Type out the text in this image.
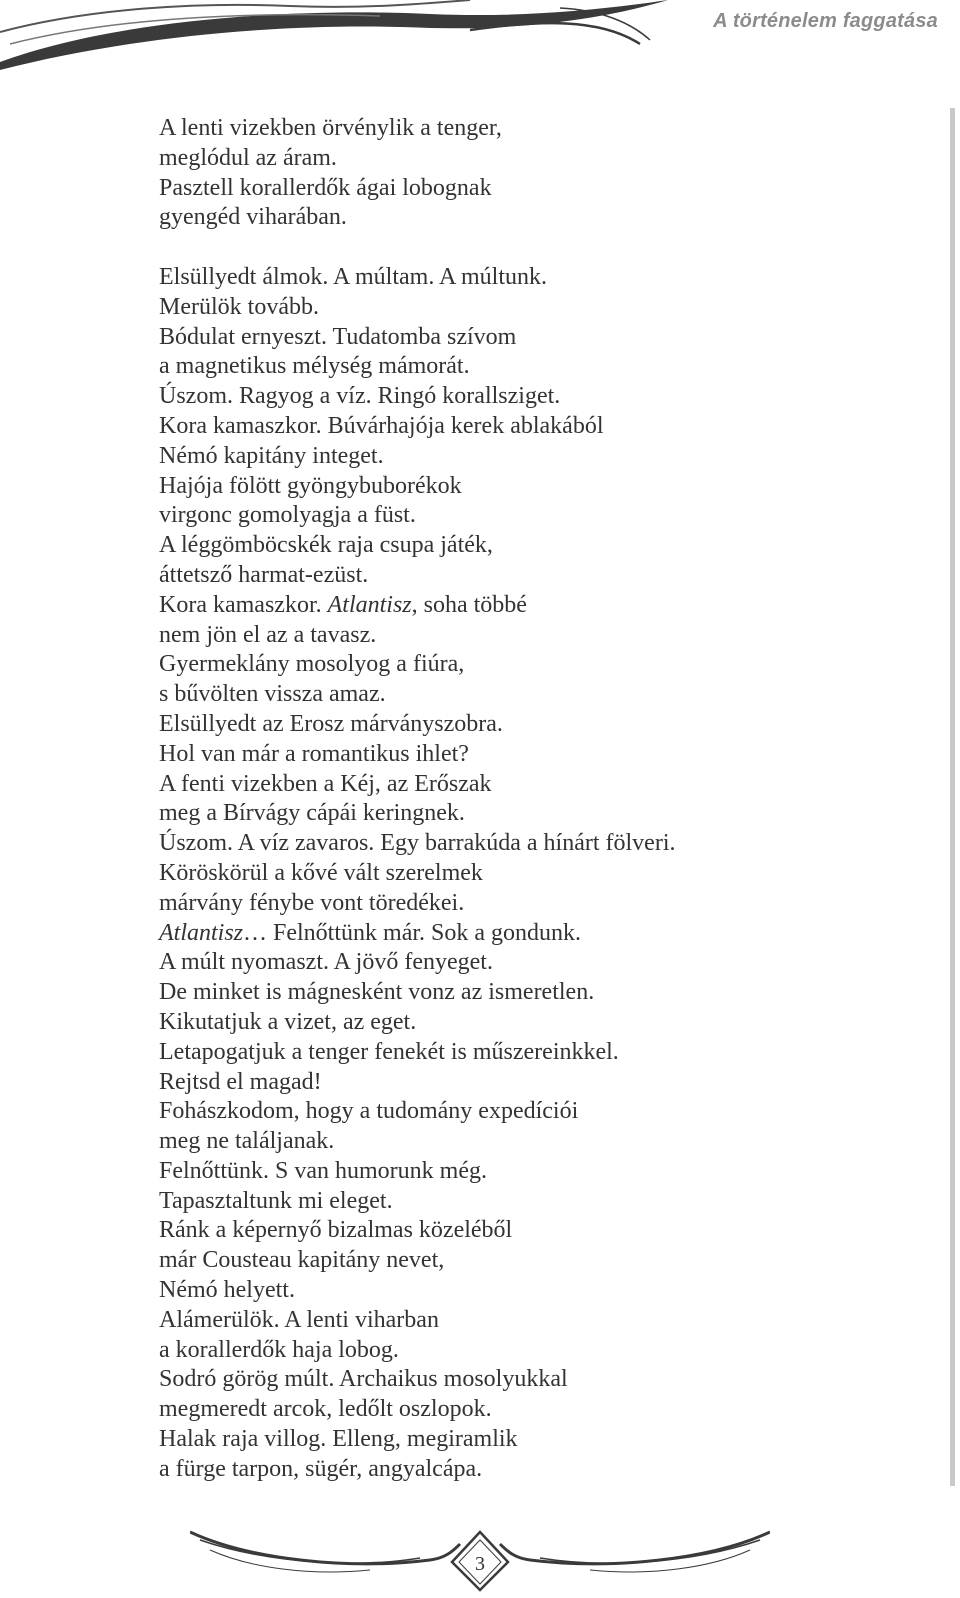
A történelem faggatása
A lenti vizekben örvénylik a tenger,
meglódul az áram.
Pasztell korallerdők ágai lobognak
gyengéd viharában.
Elsüllyedt álmok. A múltam. A múltunk.
Merülök tovább.
Bódulat ernyeszt. Tudatomba szívom
a magnetikus mélység mámorát.
Úszom. Ragyog a víz. Ringó korallsziget.
Kora kamaszkor. Búvárhajója kerek ablakából
Némó kapitány integet.
Hajója fölött gyöngybuborékok
virgonc gomolyagja a füst.
A léggömböcskék raja csupa játék,
áttetsző harmat-ezüst.
Kora kamaszkor. Atlantisz, soha többé
nem jön el az a tavasz.
Gyermeklány mosolyog a fiúra,
s bűvölten vissza amaz.
Elsüllyedt az Erosz márványszobra.
Hol van már a romantikus ihlet?
A fenti vizekben a Kéj, az Erőszak
meg a Bírvágy cápái keringnek.
Úszom. A víz zavaros. Egy barrakúda a hínárt fölveri.
Köröskörül a kővé vált szerelmek
márvány fénybe vont töredékei.
Atlantisz… Felnőttünk már. Sok a gondunk.
A múlt nyomaszt. A jövő fenyeget.
De minket is mágnesként vonz az ismeretlen.
Kikutatjuk a vizet, az eget.
Letapogatjuk a tenger fenekét is műszereinkkel.
Rejtsd el magad!
Fohászkodom, hogy a tudomány expedíciói
meg ne találjanak.
Felnőttünk. S van humorunk még.
Tapasztaltunk mi eleget.
Ránk a képernyő bizalmas közeléből
már Cousteau kapitány nevet,
Némó helyett.
Alámerülök. A lenti viharban
a korallerdők haja lobog.
Sodró görög múlt. Archaikus mosolyukkal
megmeredt arcok, ledőlt oszlopok.
Halak raja villog. Elleng, megiramlik
a fürge tarpon, sügér, angyalcápa.
3
